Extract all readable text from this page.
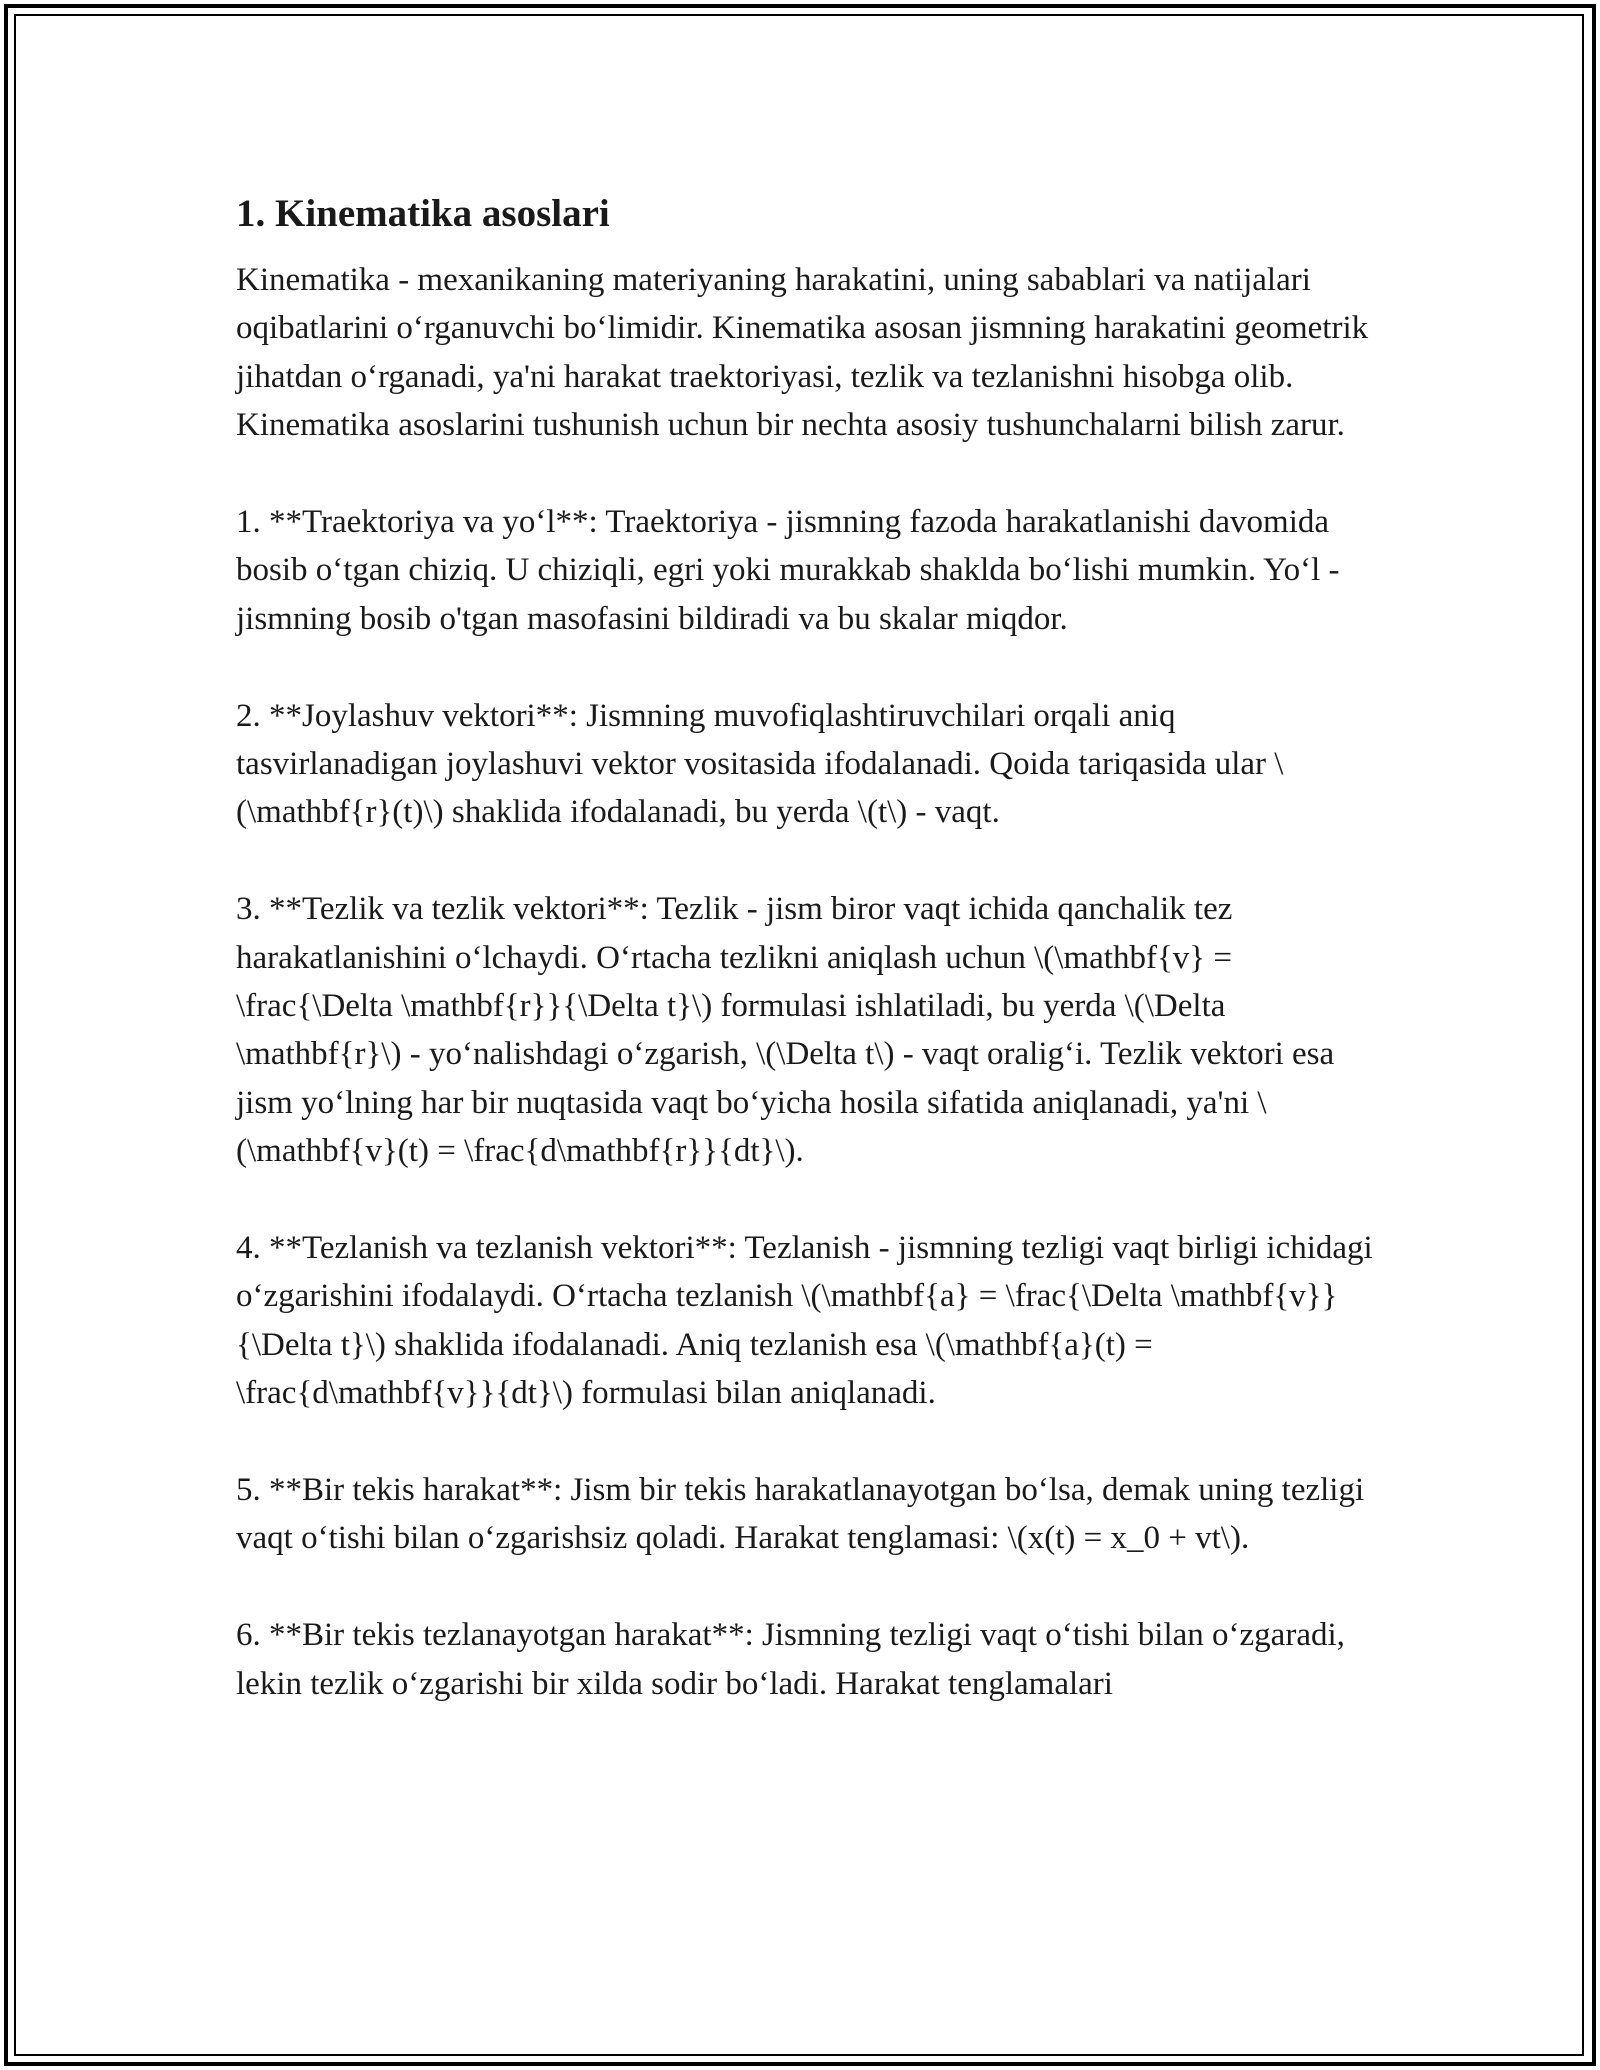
1. Kinematika asoslari

Kinematika - mexanikaning materiyaning harakatini, uning sabablari va natijalari oqibatlarini o‘rganuvchi bo‘limidir. Kinematika asosan jismning harakatini geometrik jihatdan o‘rganadi, ya'ni harakat traektoriyasi, tezlik va tezlanishni hisobga olib. Kinematika asoslarini tushunish uchun bir nechta asosiy tushunchalarni bilish zarur.

1. **Traektoriya va yo‘l**: Traektoriya - jismning fazoda harakatlanishi davomida bosib o‘tgan chiziq. U chiziqli, egri yoki murakkab shaklda bo‘lishi mumkin. Yo‘l - jismning bosib o'tgan masofasini bildiradi va bu skalar miqdor.

2. **Joylashuv vektori**: Jismning muvofiqlashtiruvchilari orqali aniq tasvirlanadigan joylashuvi vektor vositasida ifodalanadi. Qoida tariqasida ular \(\mathbf{r}(t)\) shaklida ifodalanadi, bu yerda \(t\) - vaqt.

3. **Tezlik va tezlik vektori**: Tezlik - jism biror vaqt ichida qanchalik tez harakatlanishini o‘lchaydi. O‘rtacha tezlikni aniqlash uchun \(\mathbf{v} = \frac{\Delta \mathbf{r}}{\Delta t}\) formulasi ishlatiladi, bu yerda \(\Delta \mathbf{r}\) - yo‘nalishdagi o‘zgarish, \(\Delta t\) - vaqt oralig‘i. Tezlik vektori esa jism yo‘lning har bir nuqtasida vaqt bo‘yicha hosila sifatida aniqlanadi, ya'ni \(\mathbf{v}(t) = \frac{d\mathbf{r}}{dt}\).

4. **Tezlanish va tezlanish vektori**: Tezlanish - jismning tezligi vaqt birligi ichidagi o‘zgarishini ifodalaydi. O‘rtacha tezlanish \(\mathbf{a} = \frac{\Delta \mathbf{v}}{\Delta t}\) shaklida ifodalanadi. Aniq tezlanish esa \(\mathbf{a}(t) = \frac{d\mathbf{v}}{dt}\) formulasi bilan aniqlanadi.

5. **Bir tekis harakat**: Jism bir tekis harakatlanayotgan bo‘lsa, demak uning tezligi vaqt o‘tishi bilan o‘zgarishsiz qoladi. Harakat tenglamasi: \(x(t) = x_0 + vt\).

6. **Bir tekis tezlanayotgan harakat**: Jismning tezligi vaqt o‘tishi bilan o‘zgaradi, lekin tezlik o‘zgarishi bir xilda sodir bo‘ladi. Harakat tenglamalari
